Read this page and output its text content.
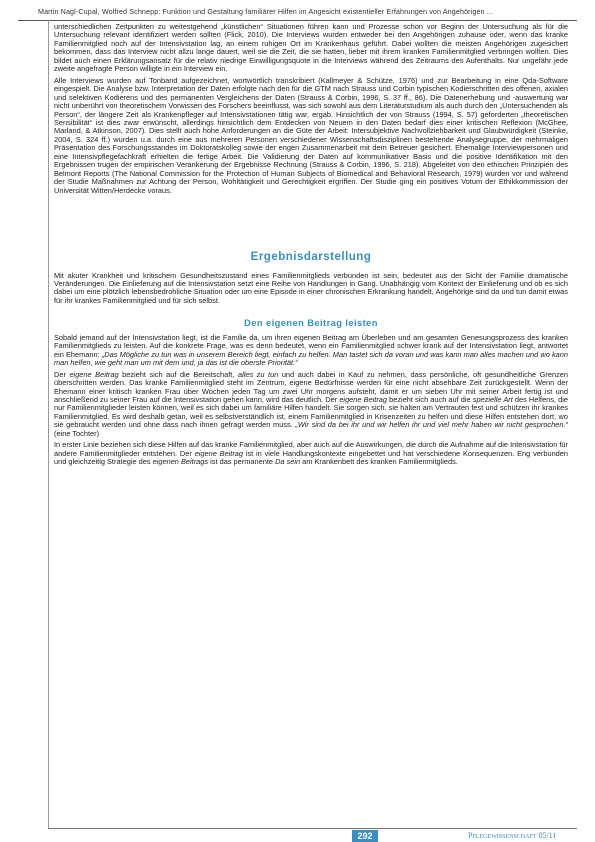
Martin Nagl-Cupal, Wolfred Schnepp: Funktion und Gestaltung familiärer Hilfen im Angesicht existentieller Erfahrungen von Angehörigen ...

unterschiedlichen Zeitpunkten zu weitestgehend „künstlichen“ Situationen führen kann und Prozesse schon vor Beginn der Untersuchung als für die Untersuchung relevant identifiziert werden sollten (Flick, 2010). Die Interviews wurden entweder bei den Angehörigen zuhause oder, wenn das kranke Familienmitglied noch auf der Intensivstation lag, an einem ruhigen Ort im Krankenhaus geführt. Dabei wollten die meisten Angehörigen zugesichert bekommen, dass das Interview nicht allzu lange dauert, weil sie die Zeit, die sie hatten, lieber mit ihrem kranken Familienmitglied verbringen wollten. Dies bildet auch einen Erklärungsansatz für die relativ niedrige Einwilligungsquote in die Interviews während des Zeitraums des Aufenthalts. Nur ungefähr jede zweite angefragte Person willigte in ein Interview ein.

Alle Interviews wurden auf Tonband aufgezeichnet, wortwörtlich transkribiert (Kallmeyer & Schütze, 1976) und zur Bearbeitung in eine Qda-Software eingespielt. Die Analyse bzw. Interpretation der Daten erfolgte nach den für die GTM nach Strauss und Corbin typischen Kodierschritten des offenen, axialen und selektiven Kodierens und des permanenten Vergleichens der Daten (Strauss & Corbin, 1996, S. 37 ff., 86). Die Datenerhebung und -auswertung war nicht unberührt von theoretischem Vorwissen des Forschers beeinflusst, was sich sowohl aus dem Literaturstudium als auch durch den „Untersuchenden als Person“, der längere Zeit als Krankenpfleger auf Intensivstationen tätig war, ergab. Hinsichtlich der von Strauss (1994, S. 57) geforderten „theoretischen Sensibilität“ ist dies zwar erwünscht, allerdings hinsichtlich dem Entdecken von Neuem in den Daten bedarf dies einer kritischen Reflexion (McGhee, Marland, & Atkinson, 2007). Dies stellt auch hohe Anforderungen an die Güte der Arbeit: Intersubjektive Nachvollziehbarkeit und Glaubwürdigkeit (Steinke, 2004, S. 324 ff.) wurden u.a. durch eine aus mehreren Personen verschiedener Wissenschaftsdisziplinen bestehende Analysegruppe, der mehrmaligen Präsentation des Forschungsstandes im Doktoratskolleg sowie der engen Zusammenarbeit mit dem Betreuer gesichert. Ehemalige Interviewpersonen und eine Intensivpflegefachkraft erhielten die fertige Arbeit. Die Validierung der Daten auf kommunikativer Basis und die positive Identifikation mit den Ergebnissen trugen der empirischen Verankerung der Ergebnisse Rechnung (Strauss & Corbin, 1996, S. 218). Abgeleitet von den ethischen Prinzipien des Belmont Reports (The National Commission for the Protection of Human Subjects of Biomedical and Behavioral Research, 1979) wurden vor und während der Studie Maßnahmen zur Achtung der Person, Wohltätigkeit und Gerechtigkeit ergriffen. Der Studie ging ein positives Votum der Ethikkommission der Universität Witten/Herdecke voraus.

Ergebnisdarstellung

Mit akuter Krankheit und kritischem Gesundheitszustand eines Familienmitglieds verbunden ist sein, bedeutet aus der Sicht der Familie dramatische Veränderungen. Die Einlieferung auf die Intensivstation setzt eine Reihe von Handlungen in Gang. Unabhängig vom Kontext der Einlieferung und ob es sich dabei um eine plötzlich lebensbedrohliche Situation oder um eine Episode in einer chronischen Erkrankung handelt, Angehörige sind da und tun damit etwas für ihr krankes Familienmitglied und für sich selbst.

Den eigenen Beitrag leisten

Sobald jemand auf der Intensivstation liegt, ist die Familie da, um ihren eigenen Beitrag am Überleben und am gesamten Genesungsprozess des kranken Familienmitglieds zu leisten. Auf die konkrete Frage, was es denn bedeutet, wenn ein Familienmitglied schwer krank auf der Intensivstation liegt, antwortet ein Ehemann: „Das Mögliche zu tun was in unserem Bereich liegt, einfach zu helfen. Man tastet sich da voran und was kann man alles machen und wo kann man helfen, wie geht man um mit dem und, ja das ist die oberste Priorität.“

Der eigene Beitrag bezieht sich auf die Bereitschaft, alles zu tun und auch dabei in Kauf zu nehmen, dass persönliche, oft gesundheitliche Grenzen überschritten werden. Das kranke Familienmitglied steht im Zentrum, eigene Bedürfnisse werden für eine nicht absehbare Zeit zurückgestellt. Wenn der Ehemann einer kritisch kranken Frau über Wochen jeden Tag um zwei Uhr morgens aufsteht, damit er um sieben Uhr mit seiner Arbeit fertig ist und anschließend zu seiner Frau auf die Intensivstation gehen kann, wird das deutlich. Der eigene Beitrag bezieht sich auch auf die spezielle Art des Helfens, die nur Familienmitglieder leisten können, weil es sich dabei um familiäre Hilfen handelt. Sie sorgen sich, sie halten am Vertrauten fest und schützen ihr krankes Familienmitglied. Es wird deshalb getan, weil es selbstverständlich ist, einem Familienmitglied in Krisenzeiten zu helfen und diese Hilfen entstehen dort, wo sie gebraucht werden und ohne dass nach ihnen gefragt werden muss. „Wir sind da bei ihr und wir helfen ihr und viel mehr haben wir nicht gesprochen.“ (eine Tochter)

In erster Linie beziehen sich diese Hilfen auf das kranke Familienmitglied, aber auch auf die Auswirkungen, die durch die Aufnahme auf die Intensivstation für andere Familienmitglieder entstehen. Der eigene Beitrag ist in viele Handlungskontexte eingebettet und hat verschiedene Konsequenzen. Eng verbunden und gleichzeitig Strategie des eigenen Beitrags ist das permanente Da sein am Krankenbett des kranken Familienmitglieds.

292	Pflegewissenschaft 05/11
